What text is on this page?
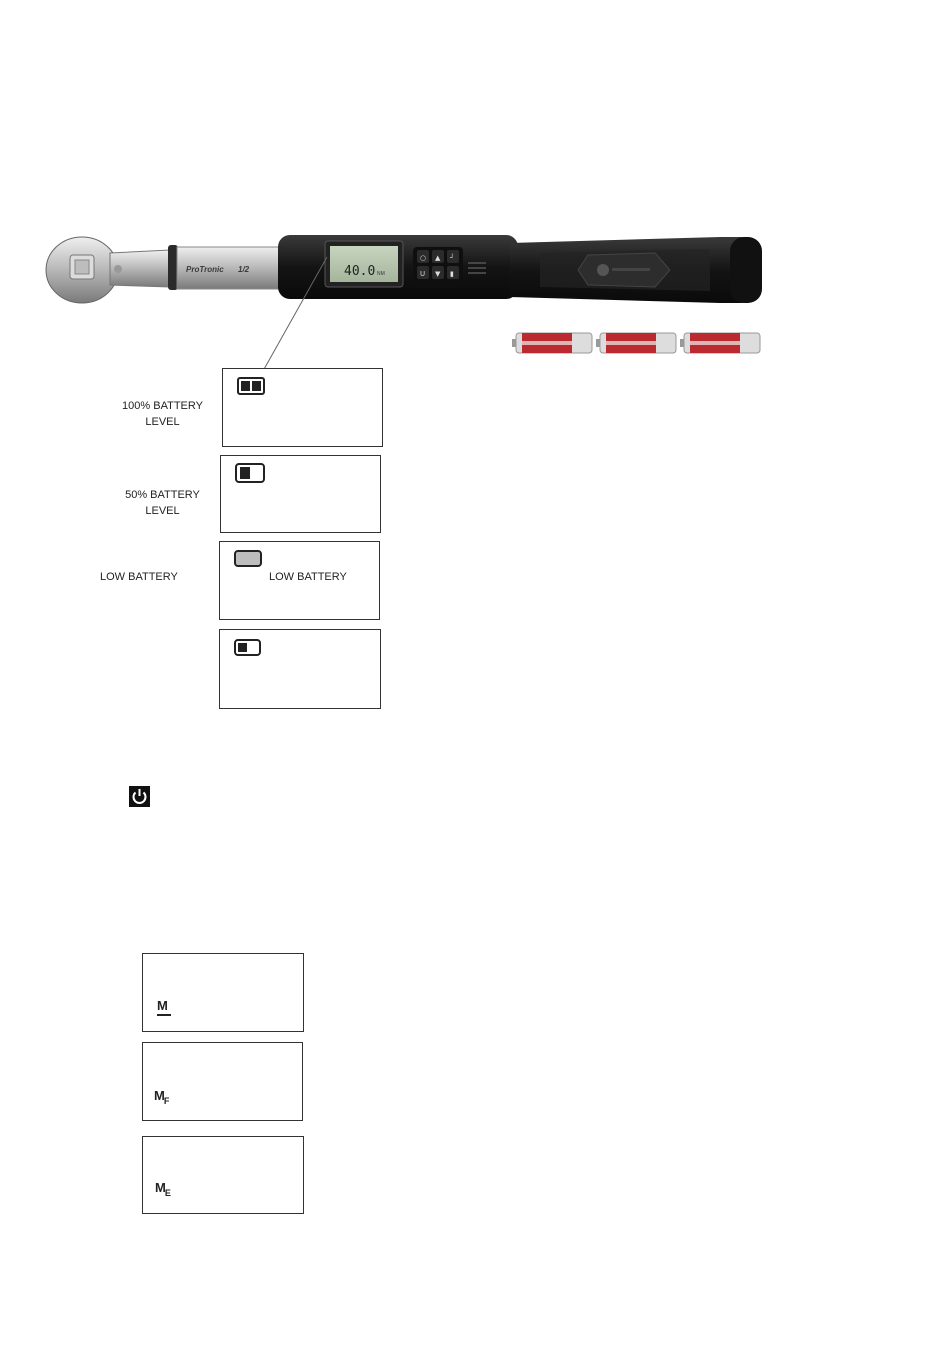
ProTronic 1/2	40.0 NM
○ ▲ ┘
U ▼ ▮
100% BATTERY
LEVEL
50% BATTERY
LEVEL
LOW BATTERY	LOW BATTERY
M
$M_F$
$M_E$
